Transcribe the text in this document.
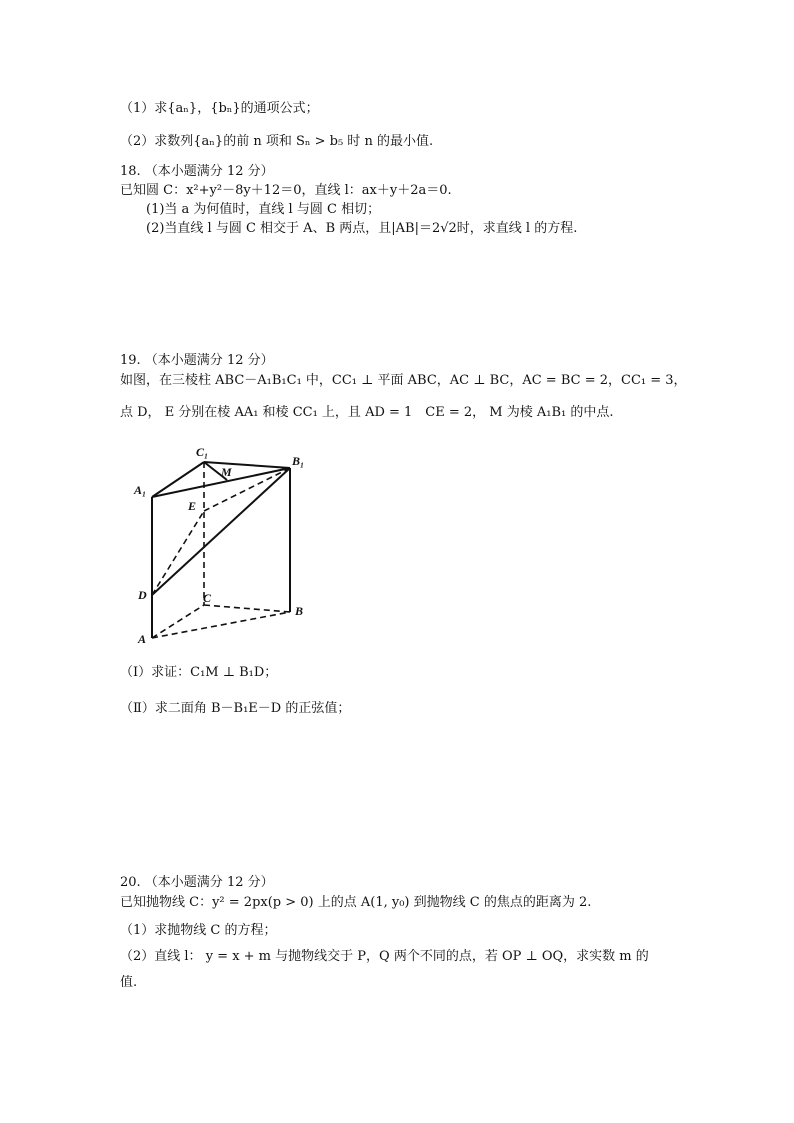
（1）求{aₙ}，{bₙ}的通项公式；
（2）求数列{aₙ}的前 n 项和 Sₙ > b₅ 时 n 的最小值.
18. （本小题满分 12 分）
已知圆 C：x²+y²－8y＋12＝0，直线 l：ax＋y＋2a＝0.
(1)当 a 为何值时，直线 l 与圆 C 相切；
(2)当直线 l 与圆 C 相交于 A、B 两点，且|AB|＝2√2时，求直线 l 的方程.
19. （本小题满分 12 分）
如图，在三棱柱 ABC－A₁B₁C₁ 中，CC₁ ⊥ 平面 ABC，AC ⊥ BC，AC = BC = 2，CC₁ = 3，
点 D， E 分别在棱 AA₁ 和棱 CC₁ 上，且 AD = 1　CE = 2， M 为棱 A₁B₁ 的中点.
C₁
B₁
A₁
M
E
D	C
B
A
（Ⅰ）求证：C₁M ⊥ B₁D；
（Ⅱ）求二面角 B－B₁E－D 的正弦值；
20. （本小题满分 12 分）
已知抛物线 C：y² = 2px(p > 0) 上的点 A(1, y₀) 到抛物线 C 的焦点的距离为 2.
（1）求抛物线 C 的方程；
（2）直线 l： y = x + m 与抛物线交于 P，Q 两个不同的点，若 OP ⊥ OQ，求实数 m 的
值.
